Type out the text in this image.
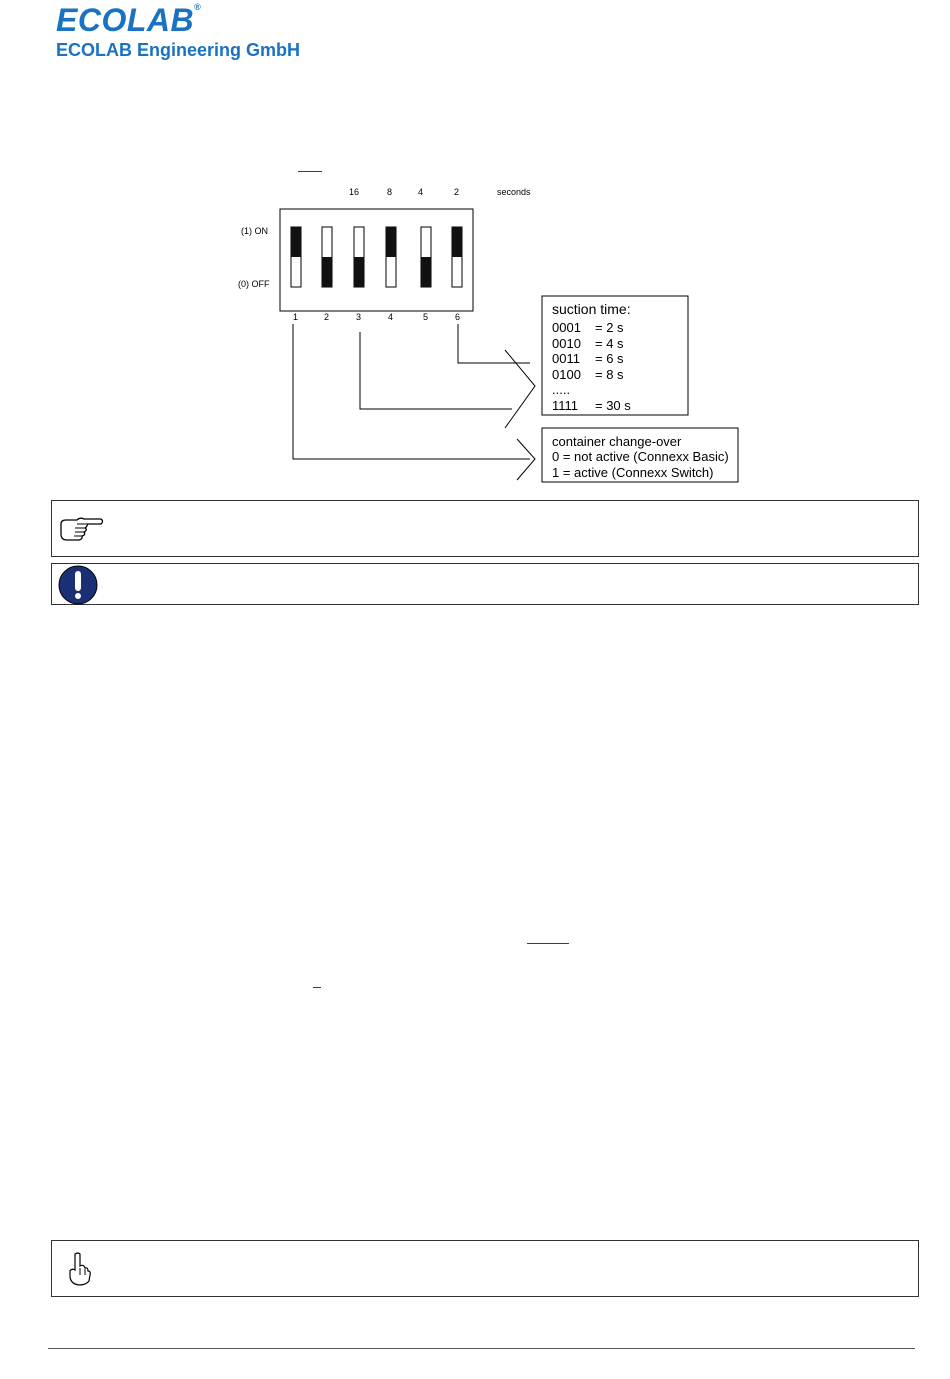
ECOLAB®
ECOLAB Engineering GmbH
16	8	4	2	seconds
(1) ON
(0) OFF
1	2	3	4	5	6	suction time:
0001 = 2 s
0010 = 4 s
0011 = 6 s
0100 = 8 s
.....
1111 = 30 s
container change-over
0 = not active (Connexx Basic)
1 = active (Connexx Switch)
